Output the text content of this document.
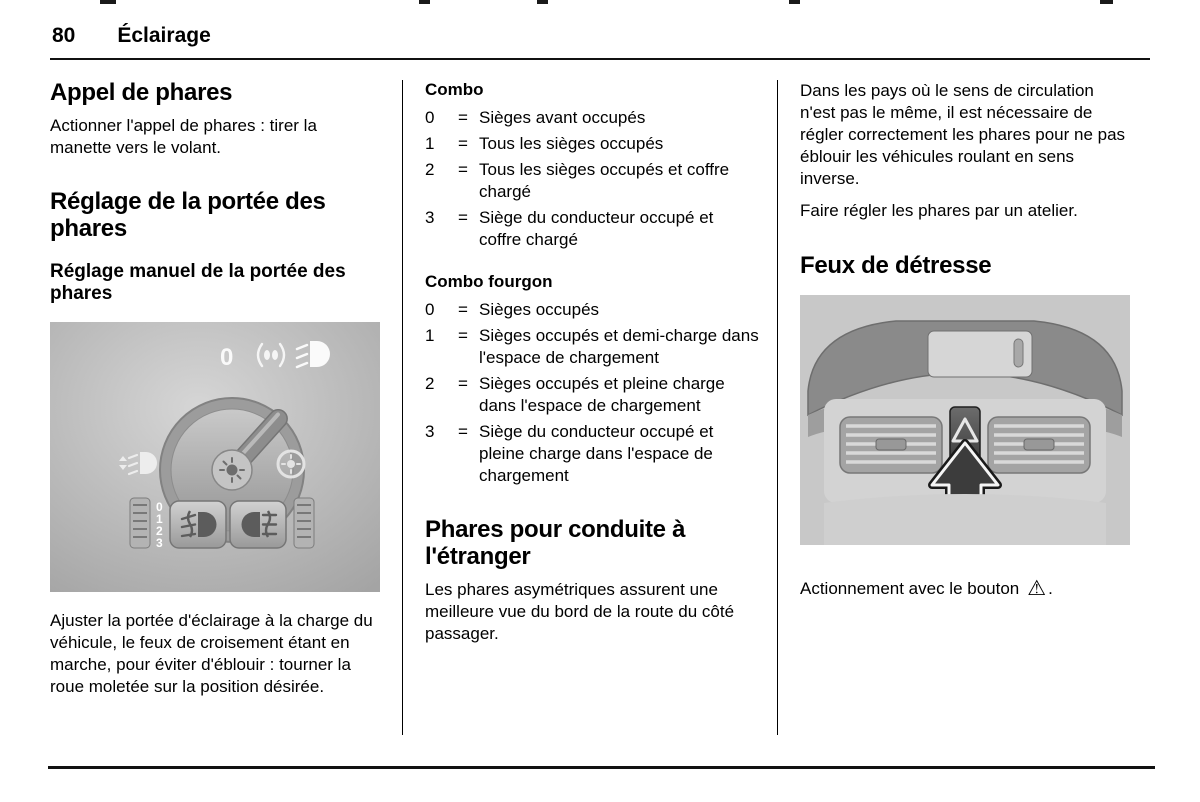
80 Éclairage
Appel de phares

Actionner l'appel de phares : tirer la manette vers le volant.

Réglage de la portée des phares
Réglage manuel de la portée des phares
0
0
1
2
3

Ajuster la portée d'éclairage à la charge du véhicule, le feux de croisement étant en marche, pour éviter d'éblouir : tourner la roue moletée sur la position désirée.

Combo
0	= Sièges avant occupés
1	= Tous les sièges occupés
2	= Tous les sièges occupés et coffre chargé
3	= Siège du conducteur occupé et coffre chargé
Combo fourgon
0	= Sièges occupés
1	= Sièges occupés et demi-charge dans l'espace de chargement
2	= Sièges occupés et pleine charge dans l'espace de chargement
3	= Siège du conducteur occupé et pleine charge dans l'espace de chargement
Phares pour conduite à l'étranger

Les phares asymétriques assurent une meilleure vue du bord de la route du côté passager.

Dans les pays où le sens de circulation n'est pas le même, il est nécessaire de régler correctement les phares pour ne pas éblouir les véhicules roulant en sens inverse.

Faire régler les phares par un atelier.

Feux de détresse

Actionnement avec le bouton ⚠ .
